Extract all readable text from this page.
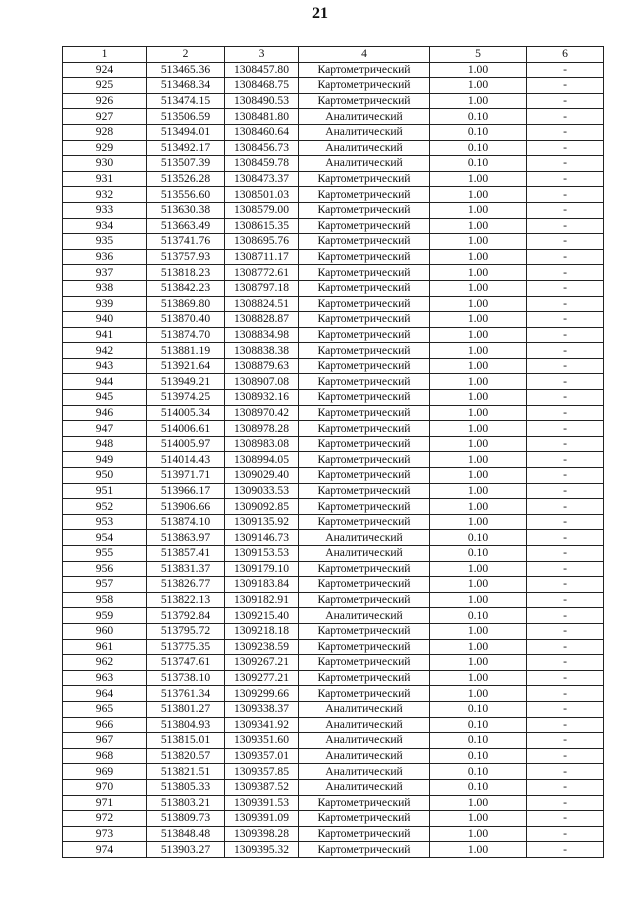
21
1	2	3	4	5	6
924	513465.36	1308457.80	Картометрический	1.00	-
925	513468.34	1308468.75	Картометрический	1.00	-
926	513474.15	1308490.53	Картометрический	1.00	-
927	513506.59	1308481.80	Аналитический	0.10	-
928	513494.01	1308460.64	Аналитический	0.10	-
929	513492.17	1308456.73	Аналитический	0.10	-
930	513507.39	1308459.78	Аналитический	0.10	-
931	513526.28	1308473.37	Картометрический	1.00	-
932	513556.60	1308501.03	Картометрический	1.00	-
933	513630.38	1308579.00	Картометрический	1.00	-
934	513663.49	1308615.35	Картометрический	1.00	-
935	513741.76	1308695.76	Картометрический	1.00	-
936	513757.93	1308711.17	Картометрический	1.00	-
937	513818.23	1308772.61	Картометрический	1.00	-
938	513842.23	1308797.18	Картометрический	1.00	-
939	513869.80	1308824.51	Картометрический	1.00	-
940	513870.40	1308828.87	Картометрический	1.00	-
941	513874.70	1308834.98	Картометрический	1.00	-
942	513881.19	1308838.38	Картометрический	1.00	-
943	513921.64	1308879.63	Картометрический	1.00	-
944	513949.21	1308907.08	Картометрический	1.00	-
945	513974.25	1308932.16	Картометрический	1.00	-
946	514005.34	1308970.42	Картометрический	1.00	-
947	514006.61	1308978.28	Картометрический	1.00	-
948	514005.97	1308983.08	Картометрический	1.00	-
949	514014.43	1308994.05	Картометрический	1.00	-
950	513971.71	1309029.40	Картометрический	1.00	-
951	513966.17	1309033.53	Картометрический	1.00	-
952	513906.66	1309092.85	Картометрический	1.00	-
953	513874.10	1309135.92	Картометрический	1.00	-
954	513863.97	1309146.73	Аналитический	0.10	-
955	513857.41	1309153.53	Аналитический	0.10	-
956	513831.37	1309179.10	Картометрический	1.00	-
957	513826.77	1309183.84	Картометрический	1.00	-
958	513822.13	1309182.91	Картометрический	1.00	-
959	513792.84	1309215.40	Аналитический	0.10	-
960	513795.72	1309218.18	Картометрический	1.00	-
961	513775.35	1309238.59	Картометрический	1.00	-
962	513747.61	1309267.21	Картометрический	1.00	-
963	513738.10	1309277.21	Картометрический	1.00	-
964	513761.34	1309299.66	Картометрический	1.00	-
965	513801.27	1309338.37	Аналитический	0.10	-
966	513804.93	1309341.92	Аналитический	0.10	-
967	513815.01	1309351.60	Аналитический	0.10	-
968	513820.57	1309357.01	Аналитический	0.10	-
969	513821.51	1309357.85	Аналитический	0.10	-
970	513805.33	1309387.52	Аналитический	0.10	-
971	513803.21	1309391.53	Картометрический	1.00	-
972	513809.73	1309391.09	Картометрический	1.00	-
973	513848.48	1309398.28	Картометрический	1.00	-
974	513903.27	1309395.32	Картометрический	1.00	-
